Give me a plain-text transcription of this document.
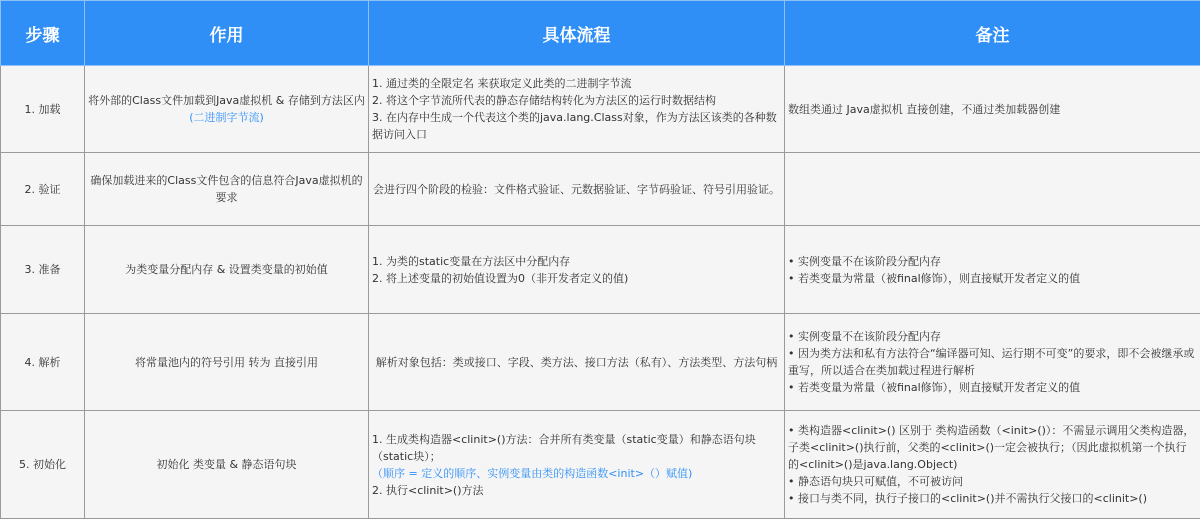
步骤	作用	具体流程	备注

1. 加载	将外部的Class文件加载到Java虚拟机 & 存储到方法区内
(二进制字节流)	1. 通过类的全限定名 来获取定义此类的二进制字节流
2. 将这个字节流所代表的静态存储结构转化为方法区的运行时数据结构
3. 在内存中生成一个代表这个类的java.lang.Class对象，作为方法区该类的各种数据访问入口	数组类通过 Java虚拟机 直接创建，不通过类加载器创建

2. 验证	确保加载进来的Class文件包含的信息符合Java虚拟机的要求	会进行四个阶段的检验：文件格式验证、元数据验证、字节码验证、符号引用验证。	

3. 准备	为类变量分配内存 & 设置类变量的初始值	1. 为类的static变量在方法区中分配内存
2. 将上述变量的初始值设置为0（非开发者定义的值)	• 实例变量不在该阶段分配内存
• 若类变量为常量（被final修饰），则直接赋开发者定义的值

4. 解析	将常量池内的符号引用 转为 直接引用	解析对象包括：类或接口、字段、类方法、接口方法（私有）、方法类型、方法句柄	• 实例变量不在该阶段分配内存
• 因为类方法和私有方法符合“编译器可知、运行期不可变”的要求，即不会被继承或重写，所以适合在类加载过程进行解析
• 若类变量为常量（被final修饰），则直接赋开发者定义的值

5. 初始化	初始化 类变量 & 静态语句块	1. 生成类构造器<clinit>()方法：合并所有类变量（static变量）和静态语句块（static块）；
（顺序 = 定义的顺序、实例变量由类的构造函数<init>（）赋值)
2. 执行<clinit>()方法	• 类构造器<clinit>() 区别于 类构造函数（<init>()）：不需显示调用父类构造器，子类<clinit>()执行前，父类的<clinit>()一定会被执行；（因此虚拟机第一个执行的<clinit>()是java.lang.Object)
• 静态语句块只可赋值，不可被访问
• 接口与类不同，执行子接口的<clinit>()并不需执行父接口的<clinit>()
